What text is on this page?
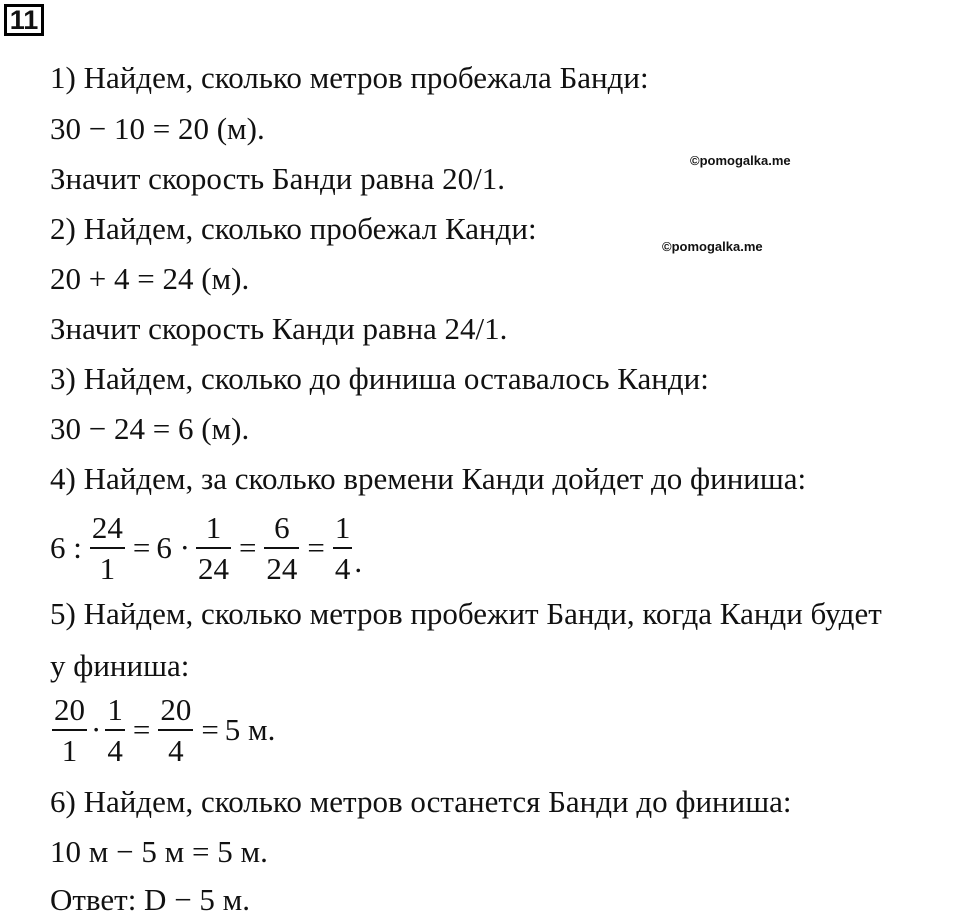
11
1) Найдем, сколько метров пробежала Банди:
30 − 10 = 20 (м).
Значит скорость Банди равна 20/1.
©pomogalka.me
2) Найдем, сколько пробежал Канди:
©pomogalka.me
20 + 4 = 24 (м).
Значит скорость Канди равна 24/1.
3) Найдем, сколько до финиша оставалось Канди:
30 − 24 = 6 (м).
4) Найдем, за сколько времени Канди дойдет до финиша:
6 : $\frac{24}{1} = 6 \cdot \frac{1}{24} = \frac{6}{24} = \frac{1}{4}$ .
5) Найдем, сколько метров пробежит Банди, когда Канди будет
у финиша:
$\frac{20}{1} \cdot \frac{1}{4} = \frac{20}{4} = 5$ м.
6) Найдем, сколько метров останется Банди до финиша:
10 м − 5 м = 5 м.
Ответ: D − 5 м.
